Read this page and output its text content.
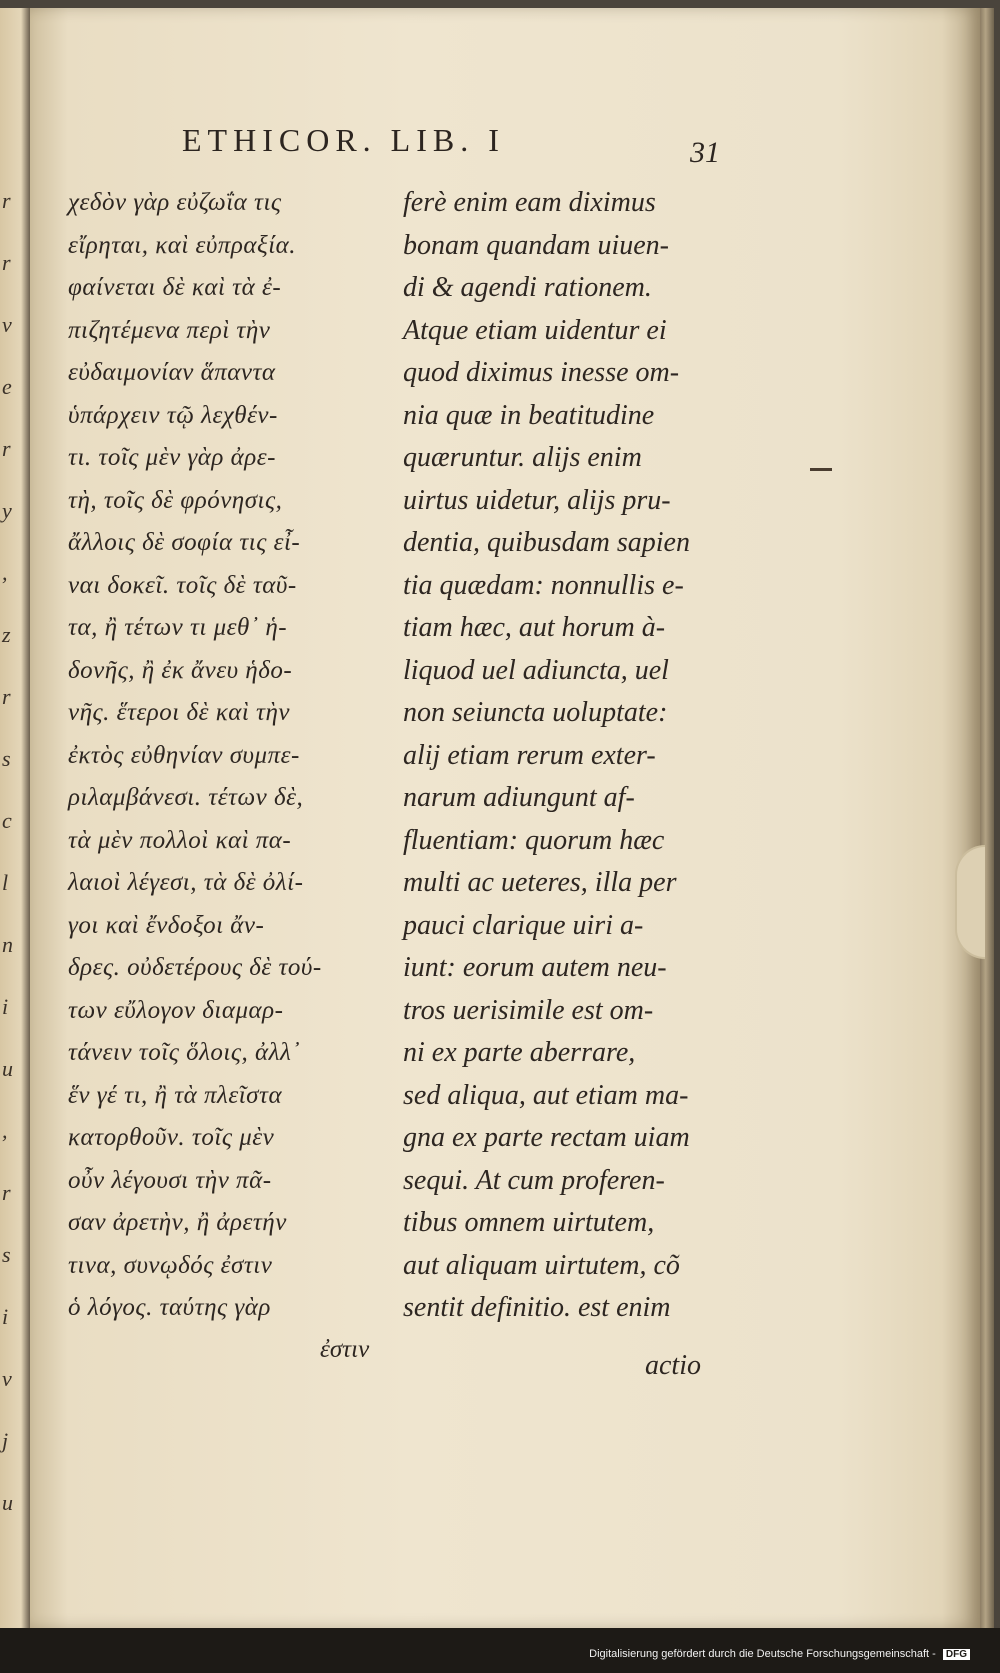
r
r
v
e
r
y
,
z
r
s
c
l
n
i
u
,
r
s
i
v
j
u
ETHICOR. LIB. I	31
χεδὸν γὰρ εὐζωΐα τις
εἴρηται, καὶ εὐπραξία.
φαίνεται δὲ καὶ τὰ ἐ-
πιζητέμενα περὶ τὴν
εὐδαιμονίαν ἅπαντα
ὑπάρχειν τῷ λεχθέν-
τι. τοῖς μὲν γὰρ ἀρε-
τὴ, τοῖς δὲ φρόνησις,
ἄλλοις δὲ σοφία τις εἶ-
ναι δοκεῖ. τοῖς δὲ ταῦ-
τα, ἢ τέτων τι μεθ᾽ ἡ-
δονῆς, ἢ ἐκ ἄνευ ἡδο-
νῆς. ἕτεροι δὲ καὶ τὴν
ἐκτὸς εὐθηνίαν συμπε-
ριλαμβάνεσι. τέτων δὲ,
τὰ μὲν πολλοὶ καὶ πα-
λαιοὶ λέγεσι, τὰ δὲ ὀλί-
γοι καὶ ἔνδοξοι ἄν-
δρες. οὐδετέρους δὲ τού-
των εὔλογον διαμαρ-
τάνειν τοῖς ὅλοις, ἀλλ᾽
ἕν γέ τι, ἢ τὰ πλεῖστα
κατορθοῦν. τοῖς μὲν
οὖν λέγουσι τὴν πᾶ-
σαν ἀρετὴν, ἢ ἀρετήν
τινα, συνῳδός ἐστιν
ὁ λόγος. ταύτης γὰρ
ferè enim eam diximus
bonam quandam uiuen-
di & agendi rationem.
Atque etiam uidentur ei
quod diximus inesse om-
nia quæ in beatitudine
quæruntur. alijs enim
uirtus uidetur, alijs pru-
dentia, quibusdam sapien
tia quædam: nonnullis e-
tiam hæc, aut horum à-
liquod uel adiuncta, uel
non seiuncta uoluptate:
alij etiam rerum exter-
narum adiungunt af-
fluentiam: quorum hæc
multi ac ueteres, illa per
pauci clarique uiri a-
iunt: eorum autem neu-
tros uerisimile est om-
ni ex parte aberrare,
sed aliqua, aut etiam ma-
gna ex parte rectam uiam
sequi. At cum proferen-
tibus omnem uirtutem,
aut aliquam uirtutem, cõ
sentit definitio. est enim
ἐστιν
actio
Digitalisierung gefördert durch die Deutsche Forschungsgemeinschaft - DFG
